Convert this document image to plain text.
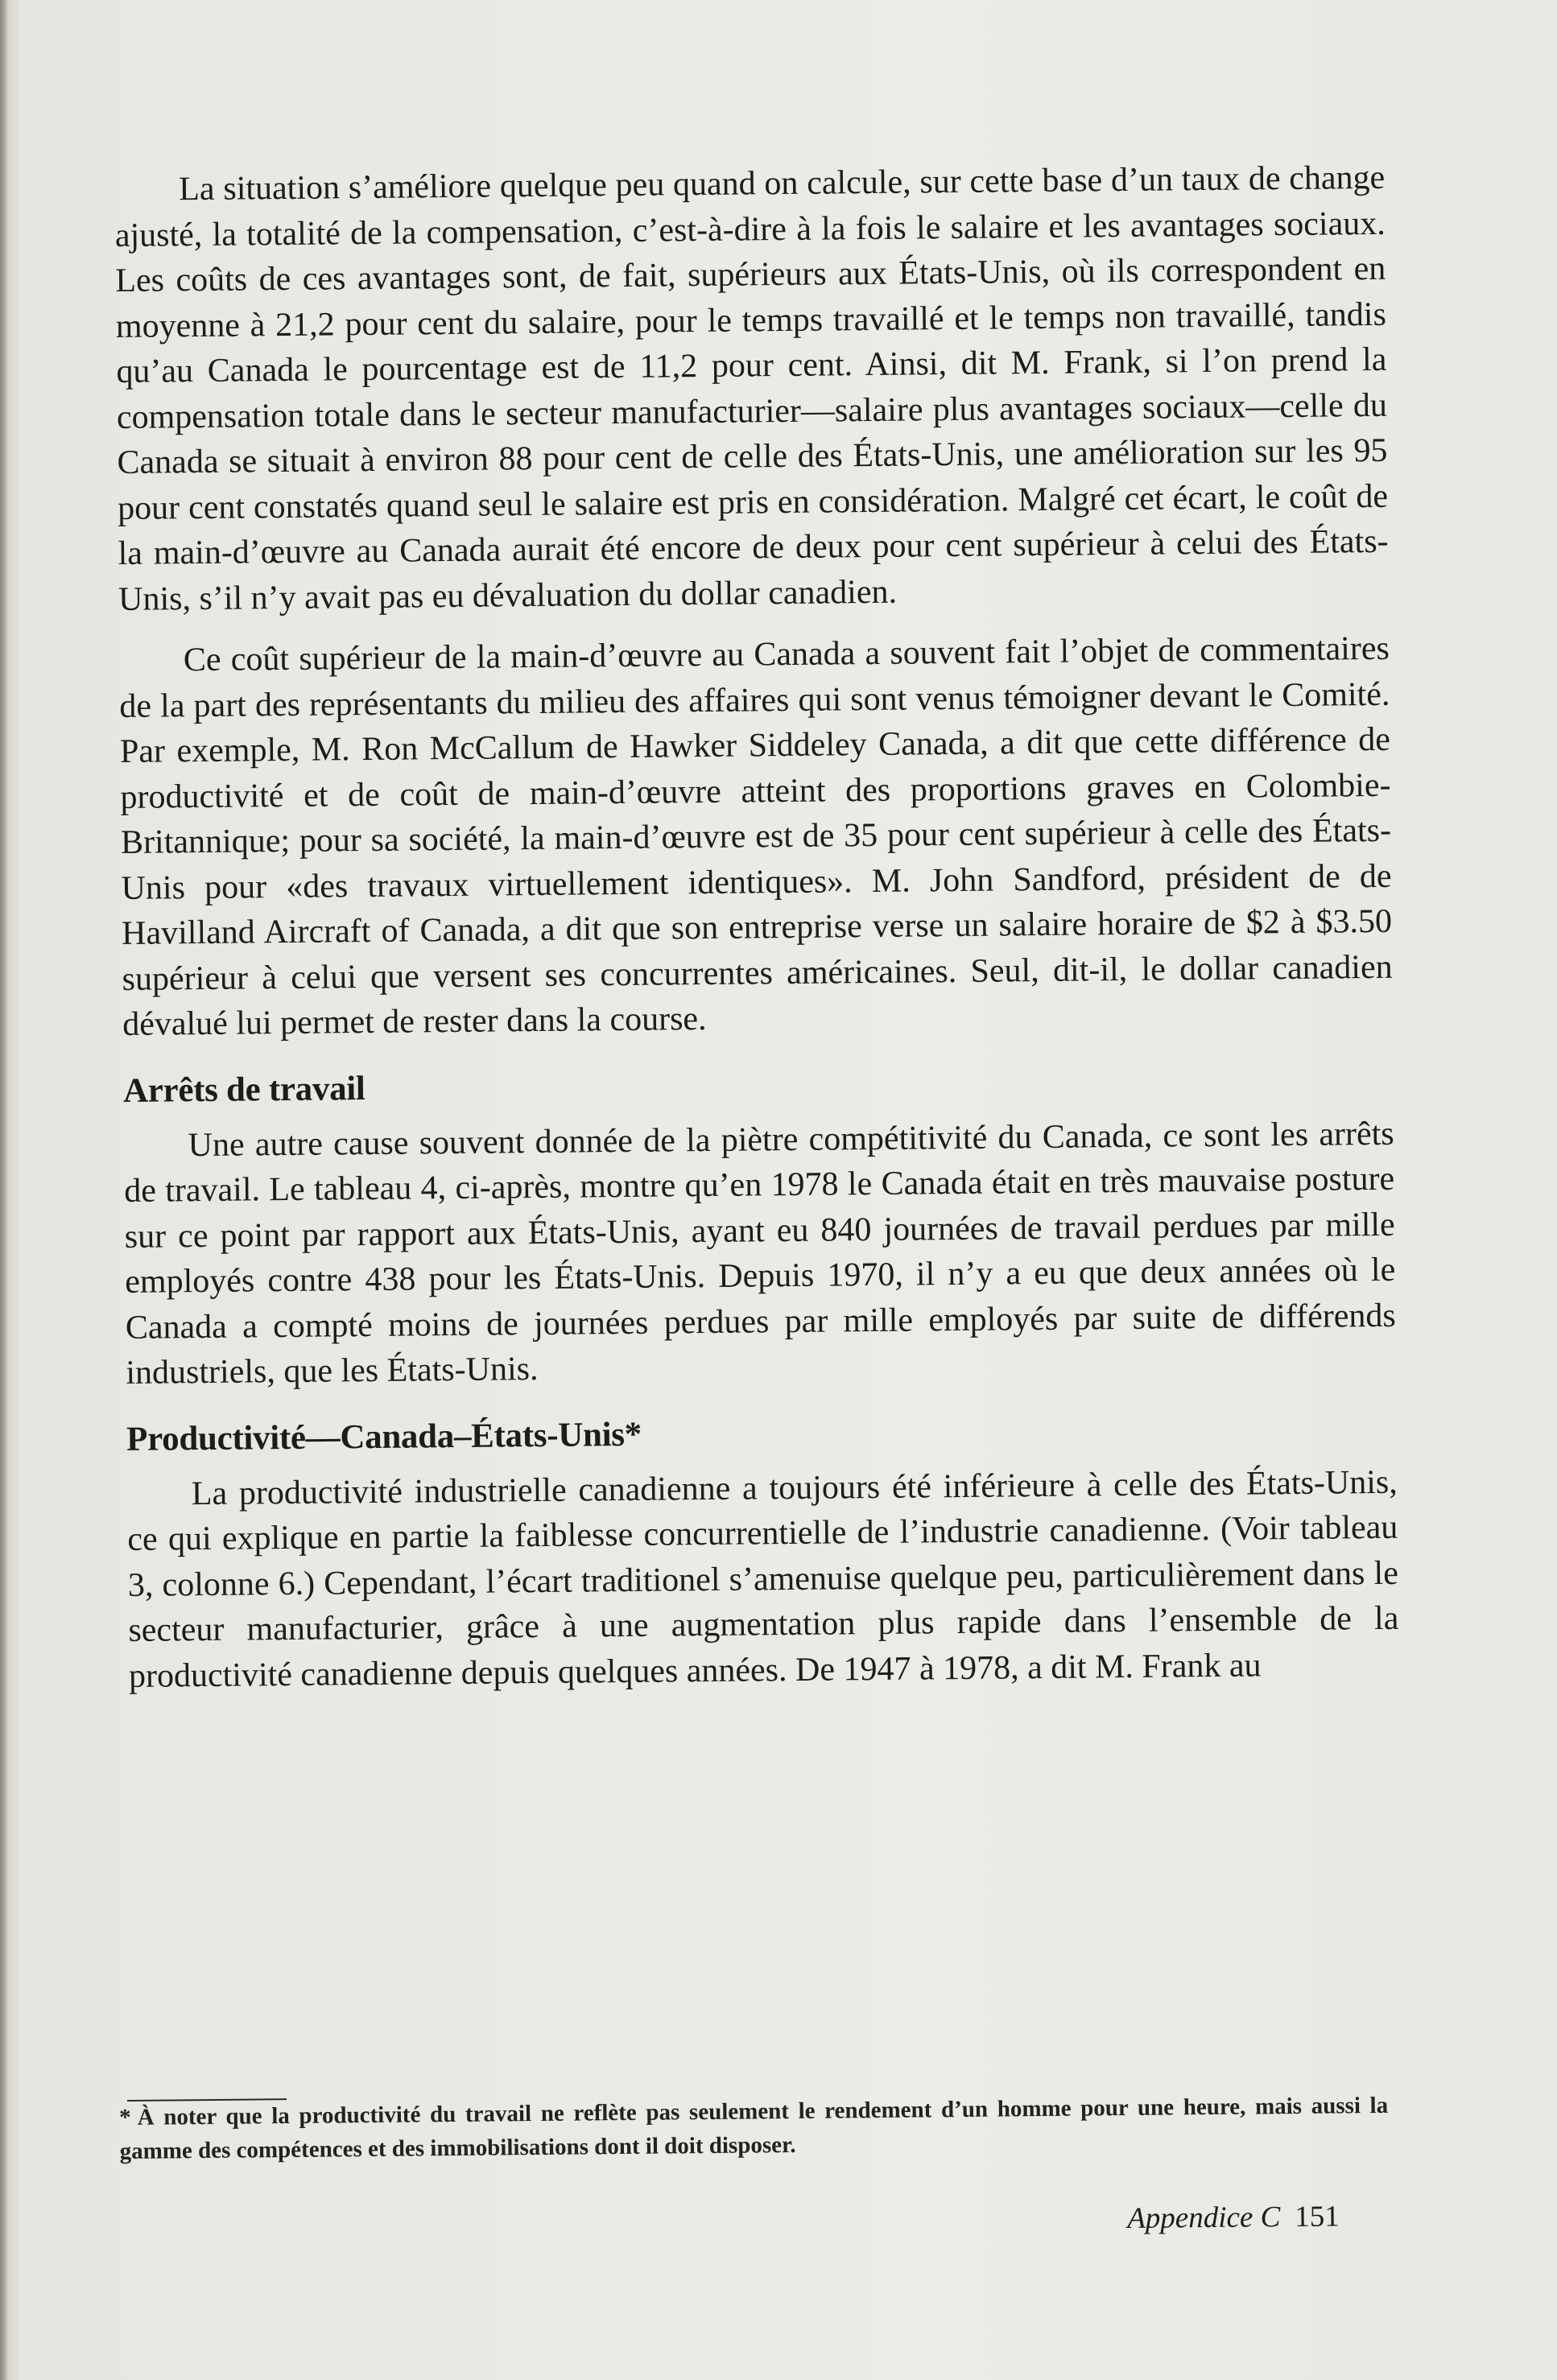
La situation s’améliore quelque peu quand on calcule, sur cette base d’un taux de change ajusté, la totalité de la compensation, c’est-à-dire à la fois le salaire et les avantages sociaux. Les coûts de ces avantages sont, de fait, supérieurs aux États-Unis, où ils correspondent en moyenne à 21,2 pour cent du salaire, pour le temps travaillé et le temps non travaillé, tandis qu’au Canada le pourcentage est de 11,2 pour cent. Ainsi, dit M. Frank, si l’on prend la compensation totale dans le secteur manufacturier—salaire plus avantages sociaux—celle du Canada se situait à environ 88 pour cent de celle des États-Unis, une amélioration sur les 95 pour cent constatés quand seul le salaire est pris en considération. Malgré cet écart, le coût de la main-d’œuvre au Canada aurait été encore de deux pour cent supérieur à celui des États-Unis, s’il n’y avait pas eu dévaluation du dollar canadien.

Ce coût supérieur de la main-d’œuvre au Canada a souvent fait l’objet de commentaires de la part des représentants du milieu des affaires qui sont venus témoigner devant le Comité. Par exemple, M. Ron McCallum de Hawker Siddeley Canada, a dit que cette différence de productivité et de coût de main-d’œuvre atteint des proportions graves en Colombie-Britannique; pour sa société, la main-d’œuvre est de 35 pour cent supérieur à celle des États-Unis pour «des travaux virtuellement identiques». M. John Sandford, président de de Havilland Aircraft of Canada, a dit que son entreprise verse un salaire horaire de $2 à $3.50 supérieur à celui que versent ses concurrentes américaines. Seul, dit-il, le dollar canadien dévalué lui permet de rester dans la course.

Arrêts de travail

Une autre cause souvent donnée de la piètre compétitivité du Canada, ce sont les arrêts de travail. Le tableau 4, ci-après, montre qu’en 1978 le Canada était en très mauvaise posture sur ce point par rapport aux États-Unis, ayant eu 840 journées de travail perdues par mille employés contre 438 pour les États-Unis. Depuis 1970, il n’y a eu que deux années où le Canada a compté moins de journées perdues par mille employés par suite de différends industriels, que les États-Unis.

Productivité—Canada–États-Unis*

La productivité industrielle canadienne a toujours été inférieure à celle des États-Unis, ce qui explique en partie la faiblesse concurrentielle de l’industrie canadienne. (Voir tableau 3, colonne 6.) Cependant, l’écart traditionel s’amenuise quelque peu, particulièrement dans le secteur manufacturier, grâce à une augmentation plus rapide dans l’ensemble de la productivité canadienne depuis quelques années. De 1947 à 1978, a dit M. Frank au

* À noter que la productivité du travail ne reflète pas seulement le rendement d’un homme pour une heure, mais aussi la gamme des compétences et des immobilisations dont il doit disposer.

Appendice C 151
